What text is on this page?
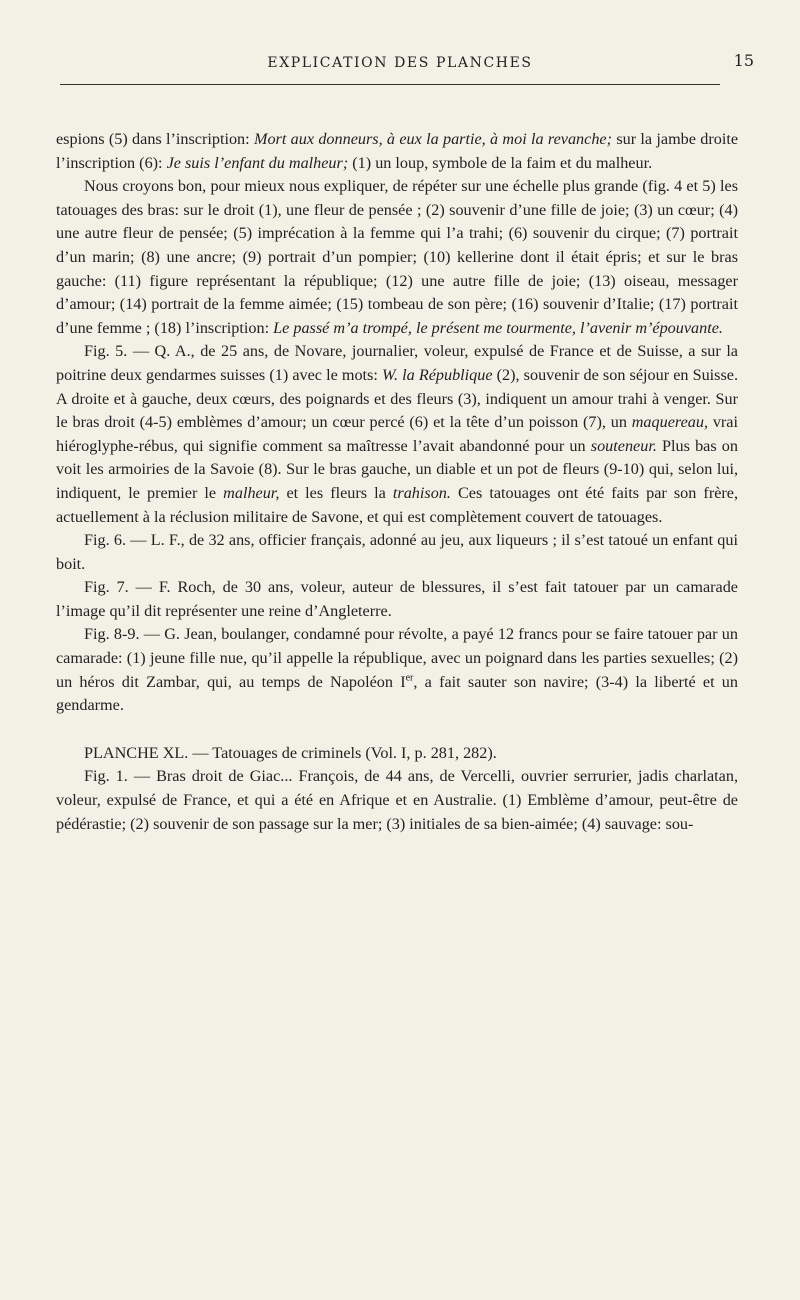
EXPLICATION DES PLANCHES	15

espions (5) dans l’inscription: Mort aux donneurs, à eux la partie, à moi la revanche; sur la jambe droite l’inscription (6): Je suis l’enfant du malheur; (1) un loup, symbole de la faim et du malheur.

Nous croyons bon, pour mieux nous expliquer, de répéter sur une échelle plus grande (fig. 4 et 5) les tatouages des bras: sur le droit (1), une fleur de pensée ; (2) souvenir d’une fille de joie; (3) un cœur; (4) une autre fleur de pensée; (5) imprécation à la femme qui l’a trahi; (6) souvenir du cirque; (7) portrait d’un marin; (8) une ancre; (9) portrait d’un pompier; (10) kellerine dont il était épris; et sur le bras gauche: (11) figure représentant la république; (12) une autre fille de joie; (13) oiseau, messager d’amour; (14) portrait de la femme aimée; (15) tombeau de son père; (16) souvenir d’Italie; (17) portrait d’une femme ; (18) l’inscription: Le passé m’a trompé, le présent me tourmente, l’avenir m’épouvante.

Fig. 5. — Q. A., de 25 ans, de Novare, journalier, voleur, expulsé de France et de Suisse, a sur la poitrine deux gendarmes suisses (1) avec le mots: W. la République (2), souvenir de son séjour en Suisse. A droite et à gauche, deux cœurs, des poignards et des fleurs (3), indiquent un amour trahi à venger. Sur le bras droit (4-5) emblèmes d’amour; un cœur percé (6) et la tête d’un poisson (7), un maquereau, vrai hiéroglyphe-rébus, qui signifie comment sa maîtresse l’avait abandonné pour un souteneur. Plus bas on voit les armoiries de la Savoie (8). Sur le bras gauche, un diable et un pot de fleurs (9-10) qui, selon lui, indiquent, le premier le malheur, et les fleurs la trahison. Ces tatouages ont été faits par son frère, actuellement à la réclusion militaire de Savone, et qui est complètement couvert de tatouages.

Fig. 6. — L. F., de 32 ans, officier français, adonné au jeu, aux liqueurs ; il s’est tatoué un enfant qui boit.

Fig. 7. — F. Roch, de 30 ans, voleur, auteur de blessures, il s’est fait tatouer par un camarade l’image qu’il dit représenter une reine d’Angleterre.

Fig. 8-9. — G. Jean, boulanger, condamné pour révolte, a payé 12 francs pour se faire tatouer par un camarade: (1) jeune fille nue, qu’il appelle la république, avec un poignard dans les parties sexuelles; (2) un héros dit Zambar, qui, au temps de Napoléon Ier, a fait sauter son navire; (3-4) la liberté et un gendarme.

PLANCHE XL. — Tatouages de criminels (Vol. I, p. 281, 282).

Fig. 1. — Bras droit de Giac... François, de 44 ans, de Vercelli, ouvrier serrurier, jadis charlatan, voleur, expulsé de France, et qui a été en Afrique et en Australie. (1) Emblème d’amour, peut-être de pédérastie; (2) souvenir de son passage sur la mer; (3) initiales de sa bien-aimée; (4) sauvage: sou-
